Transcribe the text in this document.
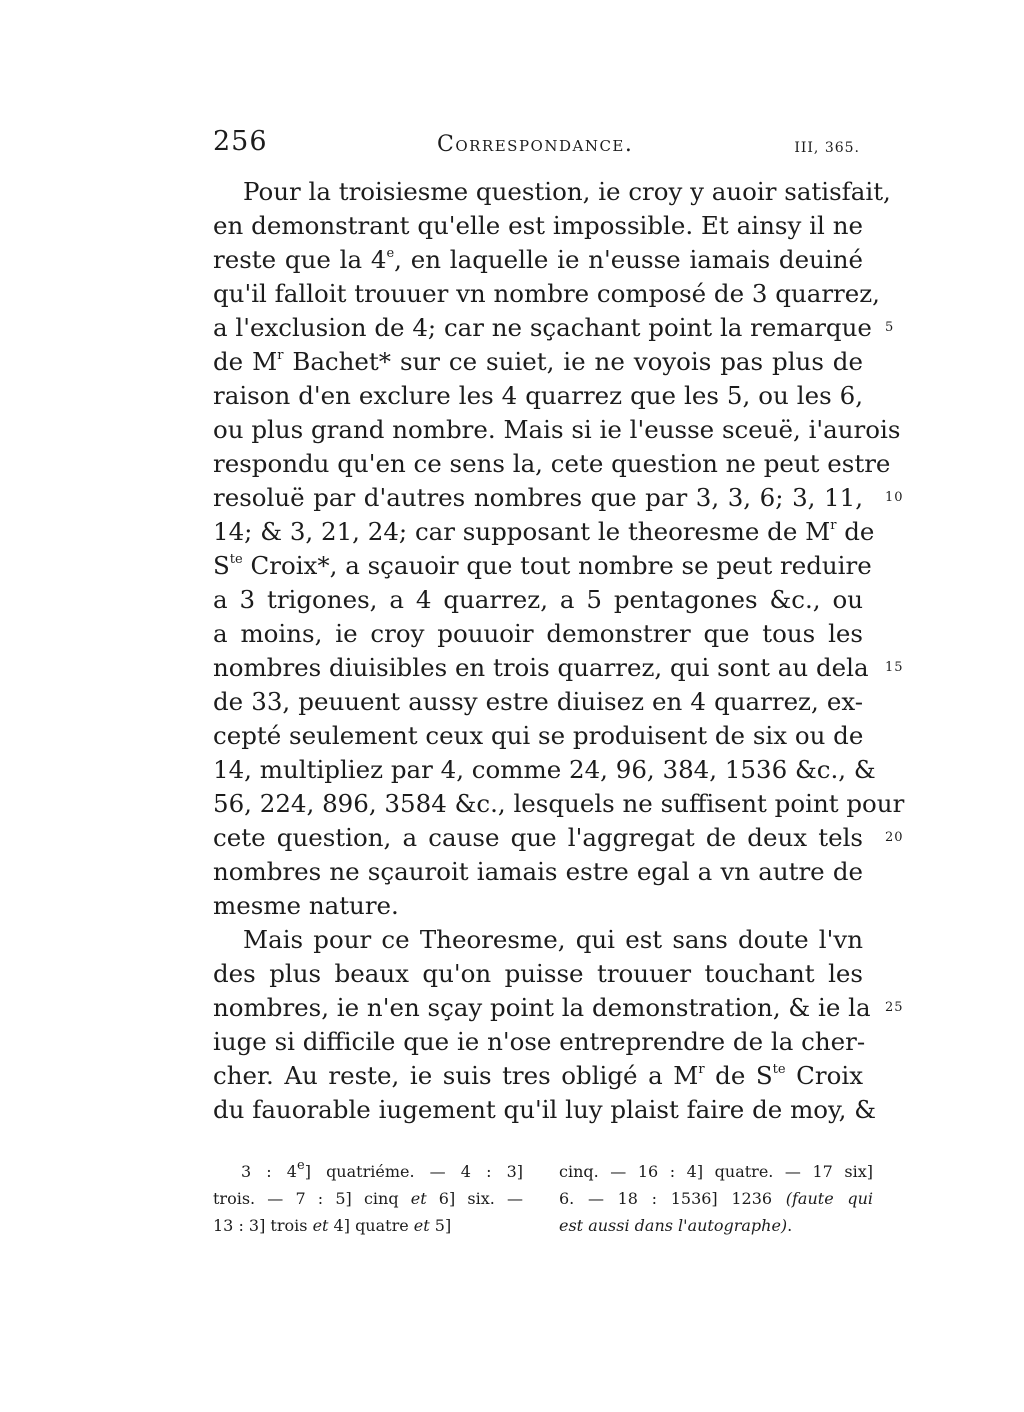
256	Correspondance.	III, 365.
Pour la troisiesme question, ie croy y auoir satisfait,
en demonstrant qu'elle est impossible. Et ainsy il ne
reste que la 4e, en laquelle ie n'eusse iamais deuiné
qu'il falloit trouuer vn nombre composé de 3 quarrez,
a l'exclusion de 4; car ne sçachant point la remarque 5
de $M^r$ Bachet* sur ce suiet, ie ne voyois pas plus de
raison d'en exclure les 4 quarrez que les 5, ou les 6,
ou plus grand nombre. Mais si ie l'eusse sceuë, i'aurois
respondu qu'en ce sens la, cete question ne peut estre
resoluë par d'autres nombres que par 3, 3, 6; 3, 11, 10
14; & 3, 21, 24; car supposant le theoresme de $M^r$ de
$S^{te}$ Croix*, a sçauoir que tout nombre se peut reduire
a 3 trigones, a 4 quarrez, a 5 pentagones &c., ou
a moins, ie croy pouuoir demonstrer que tous les
nombres diuisibles en trois quarrez, qui sont au dela 15
de 33, peuuent aussy estre diuisez en 4 quarrez, ex-
cepté seulement ceux qui se produisent de six ou de
14, multipliez par 4, comme 24, 96, 384, 1536 &c., &
56, 224, 896, 3584 &c., lesquels ne suffisent point pour
cete question, a cause que l'aggregat de deux tels 20
nombres ne sçauroit iamais estre egal a vn autre de
mesme nature.
Mais pour ce Theoresme, qui est sans doute l'vn
des plus beaux qu'on puisse trouuer touchant les
nombres, ie n'en sçay point la demonstration, & ie la 25
iuge si difficile que ie n'ose entreprendre de la cher-
cher. Au reste, ie suis tres obligé a $M^r$ de $S^{te}$ Croix
du fauorable iugement qu'il luy plaist faire de moy, &
3 : 4e] quatriéme. — 4 : 3]
trois. — 7 : 5] cinq et 6] six. —
13 : 3] trois et 4] quatre et 5]
cinq. — 16 : 4] quatre. — 17 six]
6. — 18 : 1536] 1236 (faute qui
est aussi dans l'autographe).
